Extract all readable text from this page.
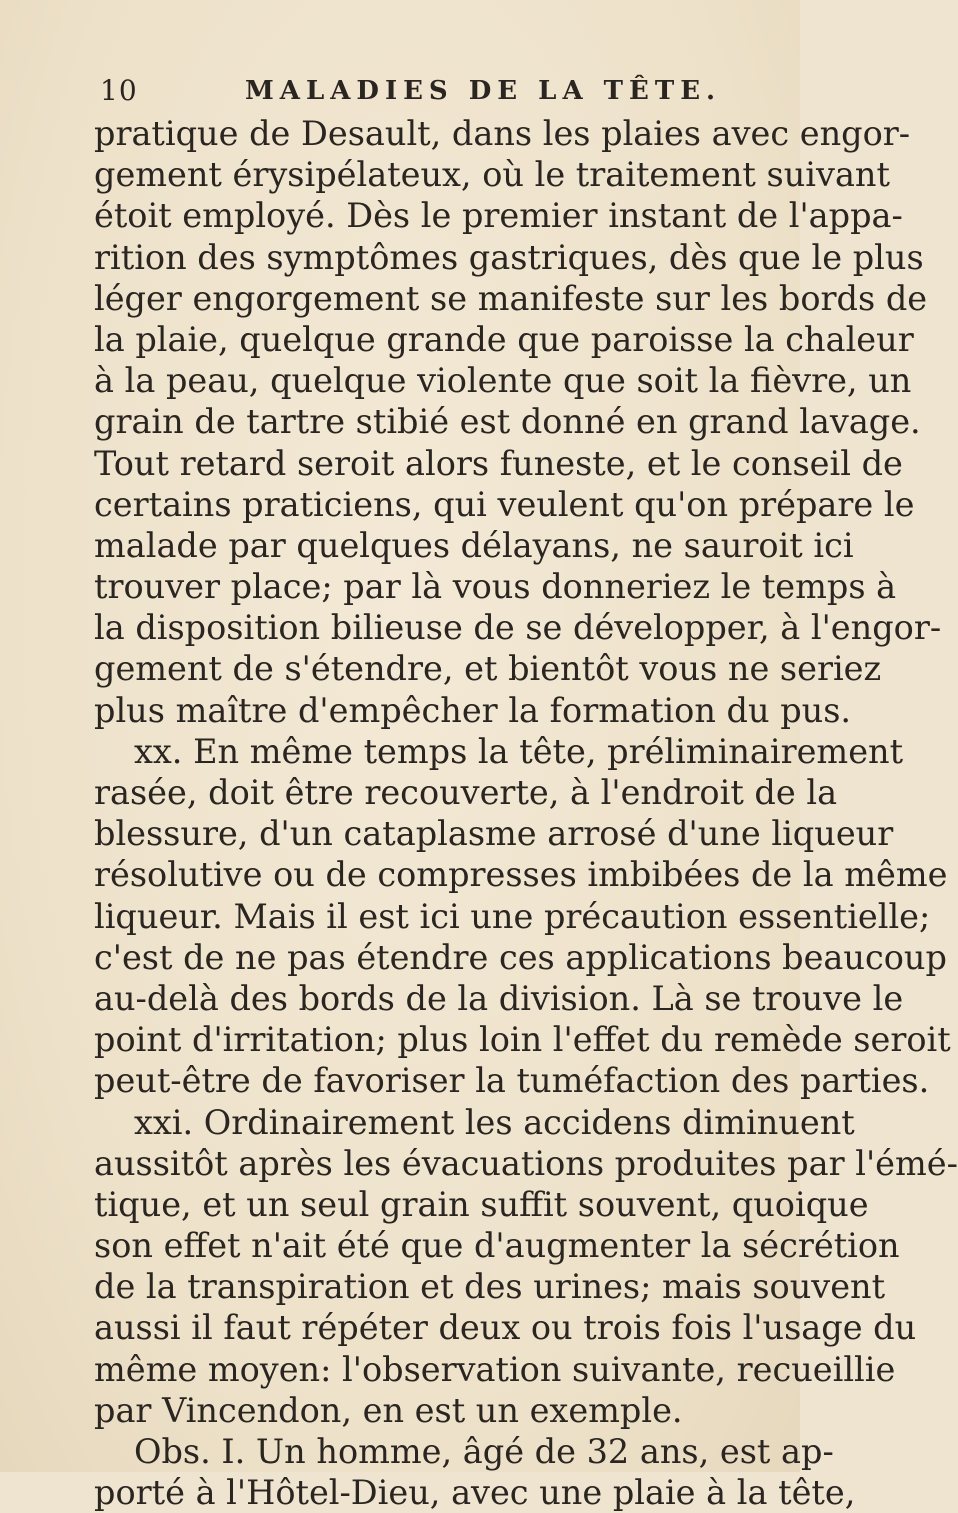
10	MALADIES DE LA TÊTE.
pratique de Desault, dans les plaies avec engor-
gement érysipélateux, où le traitement suivant
étoit employé. Dès le premier instant de l'appa-
rition des symptômes gastriques, dès que le plus
léger engorgement se manifeste sur les bords de
la plaie, quelque grande que paroisse la chaleur
à la peau, quelque violente que soit la fièvre, un
grain de tartre stibié est donné en grand lavage.
Tout retard seroit alors funeste, et le conseil de
certains praticiens, qui veulent qu'on prépare le
malade par quelques délayans, ne sauroit ici
trouver place; par là vous donneriez le temps à
la disposition bilieuse de se développer, à l'engor-
gement de s'étendre, et bientôt vous ne seriez
plus maître d'empêcher la formation du pus.
xx. En même temps la tête, préliminairement
rasée, doit être recouverte, à l'endroit de la
blessure, d'un cataplasme arrosé d'une liqueur
résolutive ou de compresses imbibées de la même
liqueur. Mais il est ici une précaution essentielle;
c'est de ne pas étendre ces applications beaucoup
au-delà des bords de la division. Là se trouve le
point d'irritation; plus loin l'effet du remède seroit
peut-être de favoriser la tuméfaction des parties.
xxi. Ordinairement les accidens diminuent
aussitôt après les évacuations produites par l'émé-
tique, et un seul grain suffit souvent, quoique
son effet n'ait été que d'augmenter la sécrétion
de la transpiration et des urines; mais souvent
aussi il faut répéter deux ou trois fois l'usage du
même moyen: l'observation suivante, recueillie
par Vincendon, en est un exemple.
Obs. I. Un homme, âgé de 32 ans, est ap-
porté à l'Hôtel-Dieu, avec une plaie à la tête,
